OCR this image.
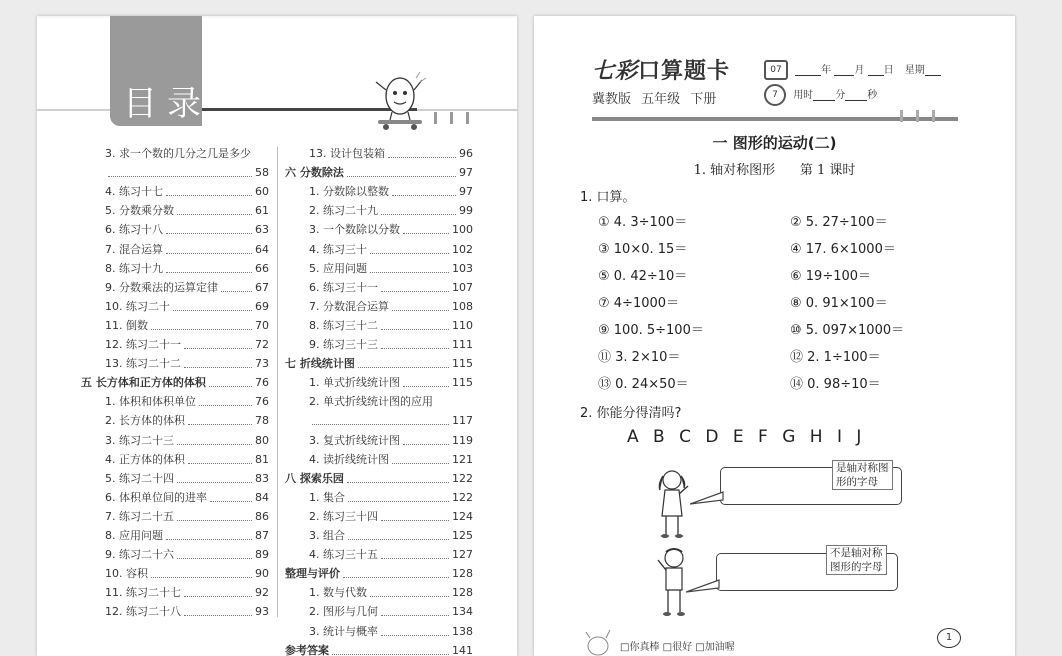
目录
3. 求一个数的几分之几是多少
58
4. 练习十七	60
5. 分数乘分数	61
6. 练习十八	63
7. 混合运算	64
8. 练习十九	66
9. 分数乘法的运算定律	67
10. 练习二十	69
11. 倒数	70
12. 练习二十一	72
13. 练习二十二	73
五 长方体和正方体的体积	76
1. 体积和体积单位	76
2. 长方体的体积	78
3. 练习二十三	80
4. 正方体的体积	81
5. 练习二十四	83
6. 体积单位间的进率	84
7. 练习二十五	86
8. 应用问题	87
9. 练习二十六	89
10. 容积	90
11. 练习二十七	92
12. 练习二十八	93
13. 设计包装箱	96
六 分数除法	97
1. 分数除以整数	97
2. 练习二十九	99
3. 一个数除以分数	100
4. 练习三十	102
5. 应用问题	103
6. 练习三十一	107
7. 分数混合运算	108
8. 练习三十二	110
9. 练习三十三	111
七 折线统计图	115
1. 单式折线统计图	115
2. 单式折线统计图的应用
117
3. 复式折线统计图	119
4. 读折线统计图	121
八 探索乐园	122
1. 集合	122
2. 练习三十四	124
3. 组合	125
4. 练习三十五	127
整理与评价	128
1. 数与代数	128
2. 图形与几何	134
3. 统计与概率	138
参考答案	141
七彩口算题卡
冀教版 五年级 下册
07	年 月 日 星期
7 用时 分 秒
一 图形的运动(二)
1. 轴对称图形      第 1 课时
1. 口算。
① 4. 3÷100＝	② 5. 27÷100＝
③ 10×0. 15＝	④ 17. 6×1000＝
⑤ 0. 42÷10＝	⑥ 19÷100＝
⑦ 4÷1000＝	⑧ 0. 91×100＝
⑨ 100. 5÷100＝	⑩ 5. 097×1000＝
⑪ 3. 2×10＝	⑫ 2. 1÷100＝
⑬ 0. 24×50＝	⑭ 0. 98÷10＝
2. 你能分得清吗?
A B C D E F G H I J
是轴对称图
形的字母
不是轴对称
图形的字母
□你真棒 □很好 □加油喔
1
